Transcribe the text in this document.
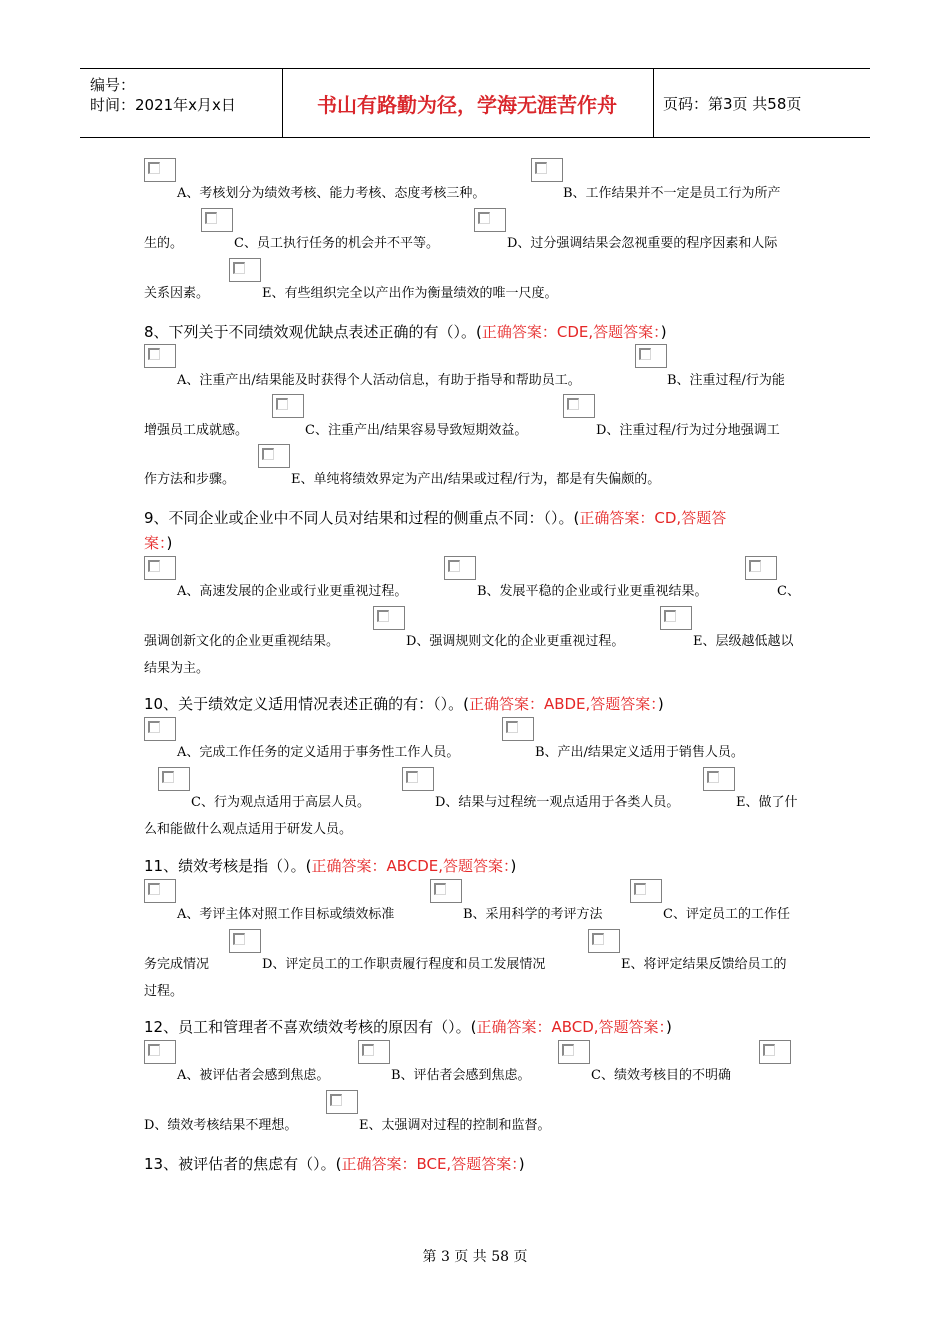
编号：
时间：2021年x月x日	书山有路勤为径，学海无涯苦作舟	页码：第3页 共58页
A、考核划分为绩效考核、能力考核、态度考核三种。	B、工作结果并不一定是员工行为所产
生的。	C、员工执行任务的机会并不平等。	D、过分强调结果会忽视重要的程序因素和人际
关系因素。	E、有些组织完全以产出作为衡量绩效的唯一尺度。
8、下列关于不同绩效观优缺点表述正确的有（）。(正确答案：CDE,答题答案：)
A、注重产出/结果能及时获得个人活动信息，有助于指导和帮助员工。	B、注重过程/行为能
增强员工成就感。	C、注重产出/结果容易导致短期效益。	D、注重过程/行为过分地强调工
作方法和步骤。	E、单纯将绩效界定为产出/结果或过程/行为，都是有失偏颇的。
9、不同企业或企业中不同人员对结果和过程的侧重点不同：（）。(正确答案：CD,答题答
案：)
A、高速发展的企业或行业更重视过程。	B、发展平稳的企业或行业更重视结果。	C、
强调创新文化的企业更重视结果。	D、强调规则文化的企业更重视过程。	E、层级越低越以
结果为主。
10、关于绩效定义适用情况表述正确的有：（）。(正确答案：ABDE,答题答案：)
A、完成工作任务的定义适用于事务性工作人员。	B、产出/结果定义适用于销售人员。
C、行为观点适用于高层人员。	D、结果与过程统一观点适用于各类人员。	E、做了什
么和能做什么观点适用于研发人员。
11、绩效考核是指（）。(正确答案：ABCDE,答题答案：)
A、考评主体对照工作目标或绩效标准	B、采用科学的考评方法	C、评定员工的工作任
务完成情况	D、评定员工的工作职责履行程度和员工发展情况	E、将评定结果反馈给员工的
过程。
12、员工和管理者不喜欢绩效考核的原因有（）。(正确答案：ABCD,答题答案：)
A、被评估者会感到焦虑。	B、评估者会感到焦虑。	C、绩效考核目的不明确
D、绩效考核结果不理想。	E、太强调对过程的控制和监督。
13、被评估者的焦虑有（）。(正确答案：BCE,答题答案：)
第 3 页 共 58 页
